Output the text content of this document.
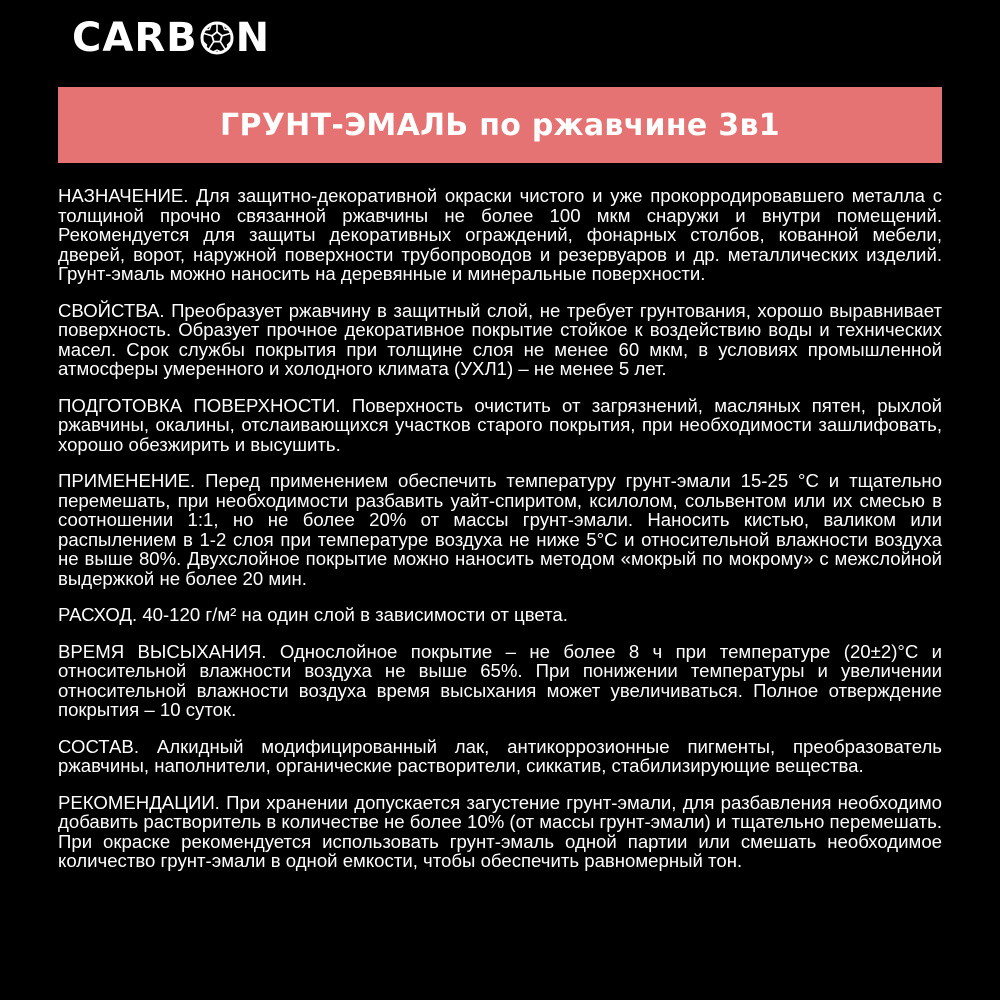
CARB N
ГРУНТ-ЭМАЛЬ по ржавчине 3в1

НАЗНАЧЕНИЕ. Для защитно-декоративной окраски чистого и уже прокорродировавшего металла с толщиной прочно связанной ржавчины не более 100 мкм снаружи и внутри помещений. Рекомендуется для защиты декоративных ограждений, фонарных столбов, кованной мебели, дверей, ворот, наружной поверхности трубопроводов и резервуаров и др. металлических изделий. Грунт-эмаль можно наносить на деревянные и минеральные поверхности.

СВОЙСТВА. Преобразует ржавчину в защитный слой, не требует грунтования, хорошо выравнивает поверхность. Образует прочное декоративное покрытие стойкое к воздействию воды и технических масел. Срок службы покрытия при толщине слоя не менее 60 мкм, в условиях промышленной атмосферы умеренного и холодного климата (УХЛ1) – не менее 5 лет.

ПОДГОТОВКА ПОВЕРХНОСТИ. Поверхность очистить от загрязнений, масляных пятен, рыхлой ржавчины, окалины, отслаивающихся участков старого покрытия, при необходимости зашлифовать, хорошо обезжирить и высушить.

ПРИМЕНЕНИЕ. Перед применением обеспечить температуру грунт-эмали 15-25 °С и тщательно перемешать, при необходимости разбавить уайт-спиритом, ксилолом, сольвентом или их смесью в соотношении 1:1, но не более 20% от массы грунт-эмали. Наносить кистью, валиком или распылением в 1-2 слоя при температуре воздуха не ниже 5°С и относительной влажности воздуха не выше 80%. Двухслойное покрытие можно наносить методом «мокрый по мокрому» с межслойной выдержкой не более 20 мин.

РАСХОД. 40-120 г/м² на один слой в зависимости от цвета.

ВРЕМЯ ВЫСЫХАНИЯ. Однослойное покрытие – не более 8 ч при температуре (20±2)°С и относительной влажности воздуха не выше 65%. При понижении температуры и увеличении относительной влажности воздуха время высыхания может увеличиваться. Полное отверждение покрытия – 10 суток.

СОСТАВ. Алкидный модифицированный лак, антикоррозионные пигменты, преобразователь ржавчины, наполнители, органические растворители, сиккатив, стабилизирующие вещества.

РЕКОМЕНДАЦИИ. При хранении допускается загустение грунт-эмали, для разбавления необходимо добавить растворитель в количестве не более 10% (от массы грунт-эмали) и тщательно перемешать. При окраске рекомендуется использовать грунт-эмаль одной партии или смешать необходимое количество грунт-эмали в одной емкости, чтобы обеспечить равномерный тон.
